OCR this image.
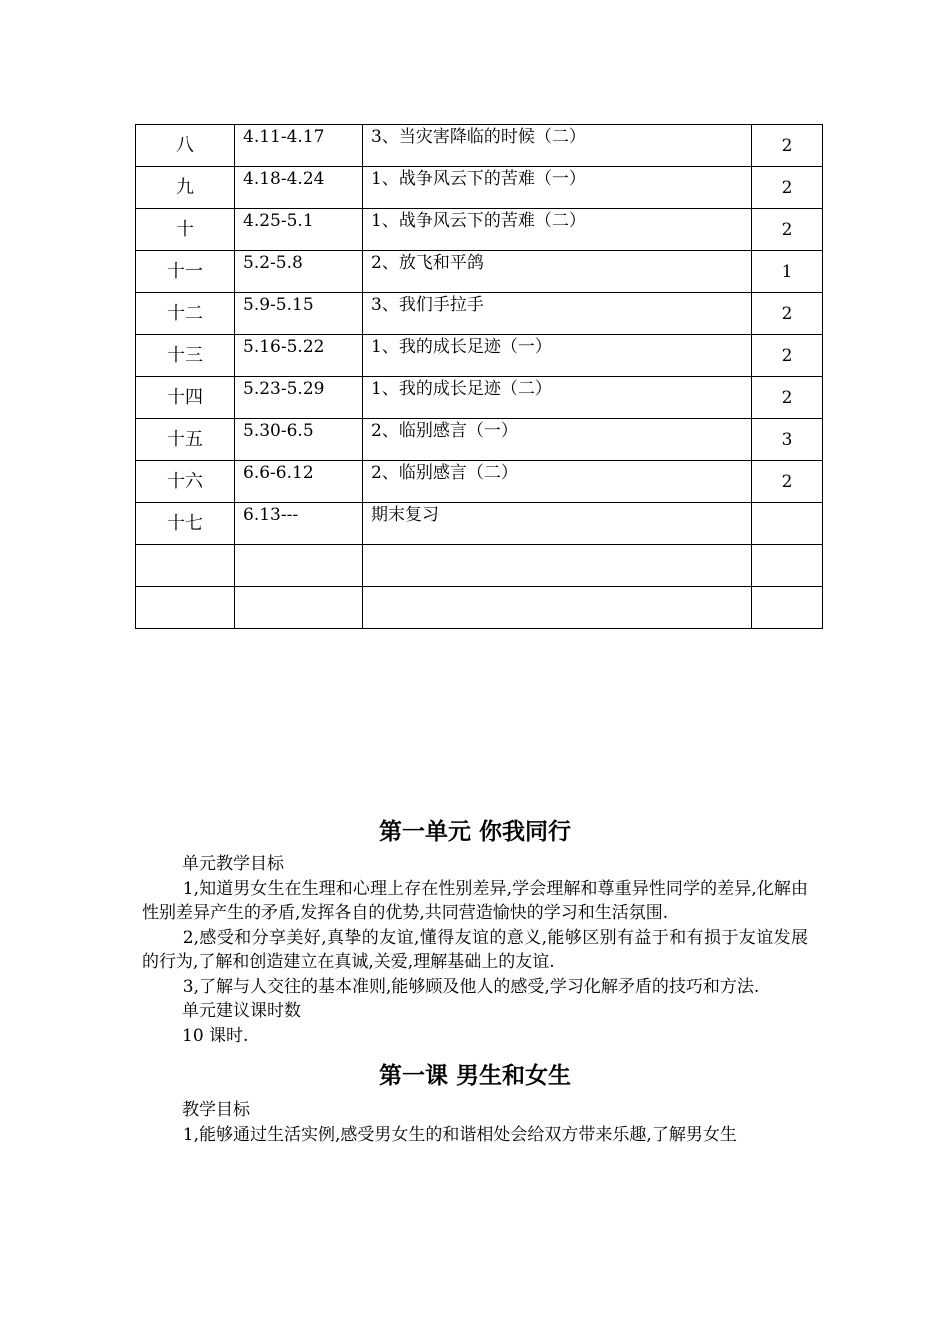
八	4.11-4.17	3、当灾害降临的时候（二）	2
九	4.18-4.24	1、战争风云下的苦难（一）	2
十	4.25-5.1	1、战争风云下的苦难（二）	2
十一	5.2-5.8	2、放飞和平鸽	1
十二	5.9-5.15	3、我们手拉手	2
十三	5.16-5.22	1、我的成长足迹（一）	2
十四	5.23-5.29	1、我的成长足迹（二）	2
十五	5.30-6.5	2、临别感言（一）	3
十六	6.6-6.12	2、临别感言（二）	2
十七	6.13---	期末复习	

第一单元 你我同行

单元教学目标

1,知道男女生在生理和心理上存在性别差异,学会理解和尊重异性同学的差异,化解由性别差异产生的矛盾,发挥各自的优势,共同营造愉快的学习和生活氛围.

2,感受和分享美好,真挚的友谊,懂得友谊的意义,能够区别有益于和有损于友谊发展的行为,了解和创造建立在真诚,关爱,理解基础上的友谊.

3,了解与人交往的基本准则,能够顾及他人的感受,学习化解矛盾的技巧和方法.

单元建议课时数

10 课时.

第一课 男生和女生

教学目标

1,能够通过生活实例,感受男女生的和谐相处会给双方带来乐趣,了解男女生
